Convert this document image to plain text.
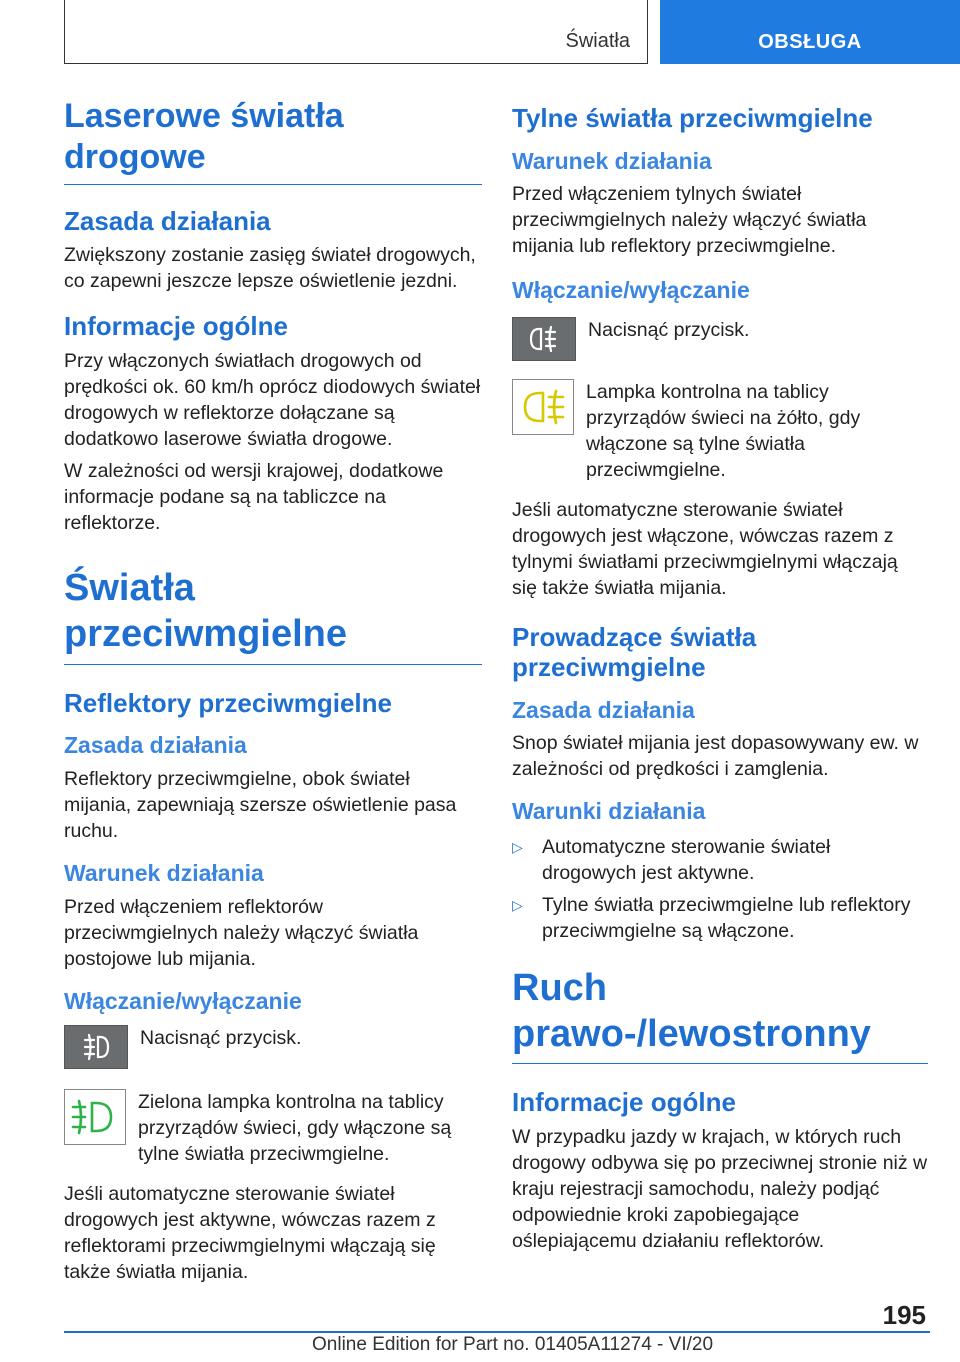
Światła	OBSŁUGA
Laserowe światła drogowe
Zasada działania

Zwiększony zostanie zasięg świateł drogowych, co zapewni jeszcze lepsze oświetlenie jezdni.

Informacje ogólne

Przy włączonych światłach drogowych od prędkości ok. 60 km/h oprócz diodowych świateł drogowych w reflektorze dołączane są dodatkowo laserowe światła drogowe.

W zależności od wersji krajowej, dodatkowe informacje podane są na tabliczce na reflektorze.

Światła przeciwmgielne
Reflektory przeciwmgielne
Zasada działania

Reflektory przeciwmgielne, obok świateł mijania, zapewniają szersze oświetlenie pasa ruchu.

Warunek działania

Przed włączeniem reflektorów przeciwmgielnych należy włączyć światła postojowe lub mijania.

Włączanie/wyłączanie
Nacisnąć przycisk.
Zielona lampka kontrolna na tablicy przyrządów świeci, gdy włączone są tylne światła przeciwmgielne.

Jeśli automatyczne sterowanie świateł drogowych jest aktywne, wówczas razem z reflektorami przeciwmgielnymi włączają się także światła mijania.

Tylne światła przeciwmgielne
Warunek działania

Przed włączeniem tylnych świateł przeciwmgielnych należy włączyć światła mijania lub reflektory przeciwmgielne.

Włączanie/wyłączanie
Nacisnąć przycisk.
Lampka kontrolna na tablicy przyrządów świeci na żółto, gdy włączone są tylne światła przeciwmgielne.

Jeśli automatyczne sterowanie świateł drogowych jest włączone, wówczas razem z tylnymi światłami przeciwmgielnymi włączają się także światła mijania.

Prowadzące światła przeciwmgielne
Zasada działania

Snop świateł mijania jest dopasowywany ew. w zależności od prędkości i zamglenia.

Warunki działania
▷ Automatyczne sterowanie świateł drogowych jest aktywne.
▷ Tylne światła przeciwmgielne lub reflektory przeciwmgielne są włączone.
Ruch prawo-/lewostronny
Informacje ogólne

W przypadku jazdy w krajach, w których ruch drogowy odbywa się po przeciwnej stronie niż w kraju rejestracji samochodu, należy podjąć odpowiednie kroki zapobiegające oślepiającemu działaniu reflektorów.

195
Online Edition for Part no. 01405A11274 - VI/20
